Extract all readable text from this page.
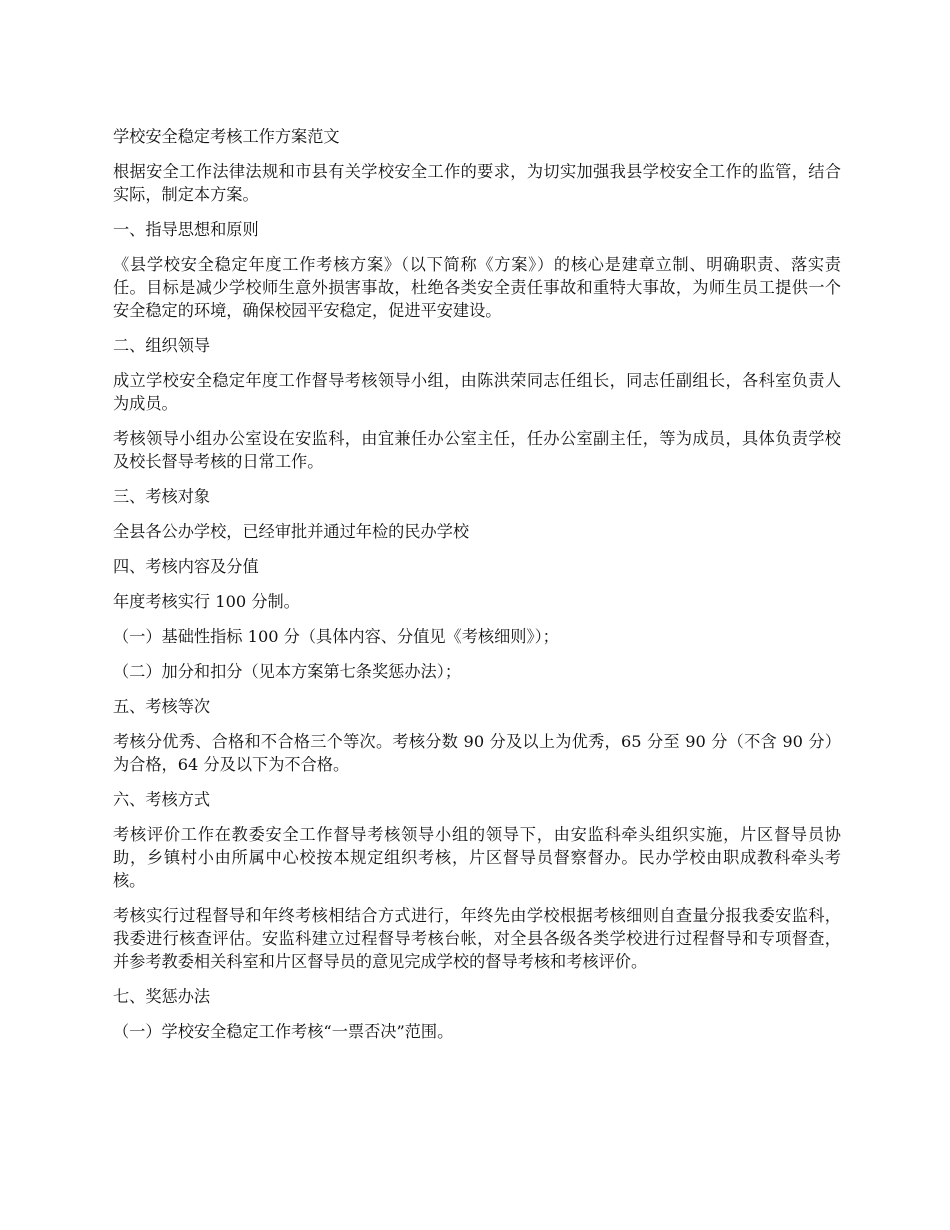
学校安全稳定考核工作方案范文

根据安全工作法律法规和市县有关学校安全工作的要求，为切实加强我县学校安全工作的监管，结合实际，制定本方案。

一、指导思想和原则

《县学校安全稳定年度工作考核方案》（以下简称《方案》）的核心是建章立制、明确职责、落实责任。目标是减少学校师生意外损害事故，杜绝各类安全责任事故和重特大事故，为师生员工提供一个安全稳定的环境，确保校园平安稳定，促进平安建设。

二、组织领导

成立学校安全稳定年度工作督导考核领导小组，由陈洪荣同志任组长，同志任副组长，各科室负责人为成员。

考核领导小组办公室设在安监科，由宜兼任办公室主任，任办公室副主任，等为成员，具体负责学校及校长督导考核的日常工作。

三、考核对象

全县各公办学校，已经审批并通过年检的民办学校

四、考核内容及分值

年度考核实行 100 分制。

（一）基础性指标 100 分（具体内容、分值见《考核细则》）；

（二）加分和扣分（见本方案第七条奖惩办法）；

五、考核等次

考核分优秀、合格和不合格三个等次。考核分数 90 分及以上为优秀，65 分至 90 分（不含 90 分）为合格，64 分及以下为不合格。

六、考核方式

考核评价工作在教委安全工作督导考核领导小组的领导下，由安监科牵头组织实施，片区督导员协助，乡镇村小由所属中心校按本规定组织考核，片区督导员督察督办。民办学校由职成教科牵头考核。

考核实行过程督导和年终考核相结合方式进行，年终先由学校根据考核细则自查量分报我委安监科，我委进行核查评估。安监科建立过程督导考核台帐，对全县各级各类学校进行过程督导和专项督查，并参考教委相关科室和片区督导员的意见完成学校的督导考核和考核评价。

七、奖惩办法

（一）学校安全稳定工作考核“一票否决”范围。
